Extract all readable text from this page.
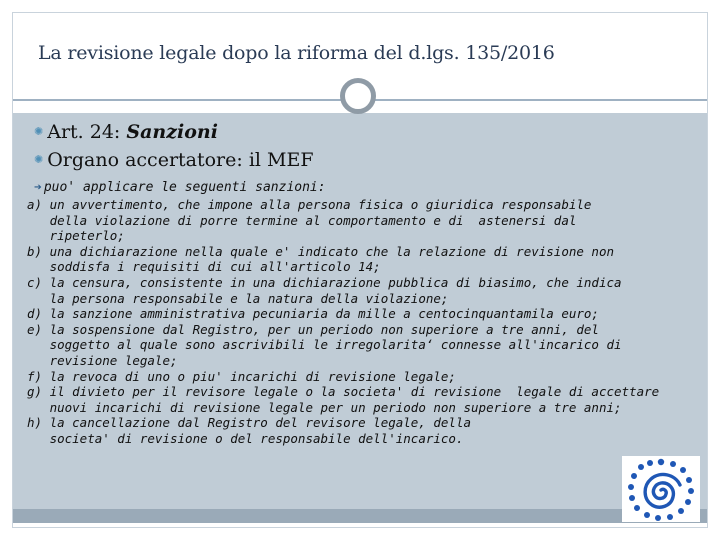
La revisione legale dopo la riforma del d.lgs. 135/2016
✺ Art. 24: Sanzioni
✺ Organo accertatore: il MEF
➔ puo' applicare le seguenti sanzioni:
a) un avvertimento, che impone alla persona fisica o giuridica responsabile
della violazione di porre termine al comportamento e di  astenersi dal
ripeterlo;
b) una dichiarazione nella quale e' indicato che la relazione di revisione non
soddisfa i requisiti di cui all'articolo 14;
c) la censura, consistente in una dichiarazione pubblica di biasimo, che indica
la persona responsabile e la natura della violazione;
d) la sanzione amministrativa pecuniaria da mille a centocinquantamila euro;
e) la sospensione dal Registro, per un periodo non superiore a tre anni, del
soggetto al quale sono ascrivibili le irregolarita‘ connesse all'incarico di
revisione legale;
f) la revoca di uno o piu' incarichi di revisione legale;
g) il divieto per il revisore legale o la societa' di revisione  legale di accettare
nuovi incarichi di revisione legale per un periodo non superiore a tre anni;
h) la cancellazione dal Registro del revisore legale, della
societa' di revisione o del responsabile dell'incarico.
